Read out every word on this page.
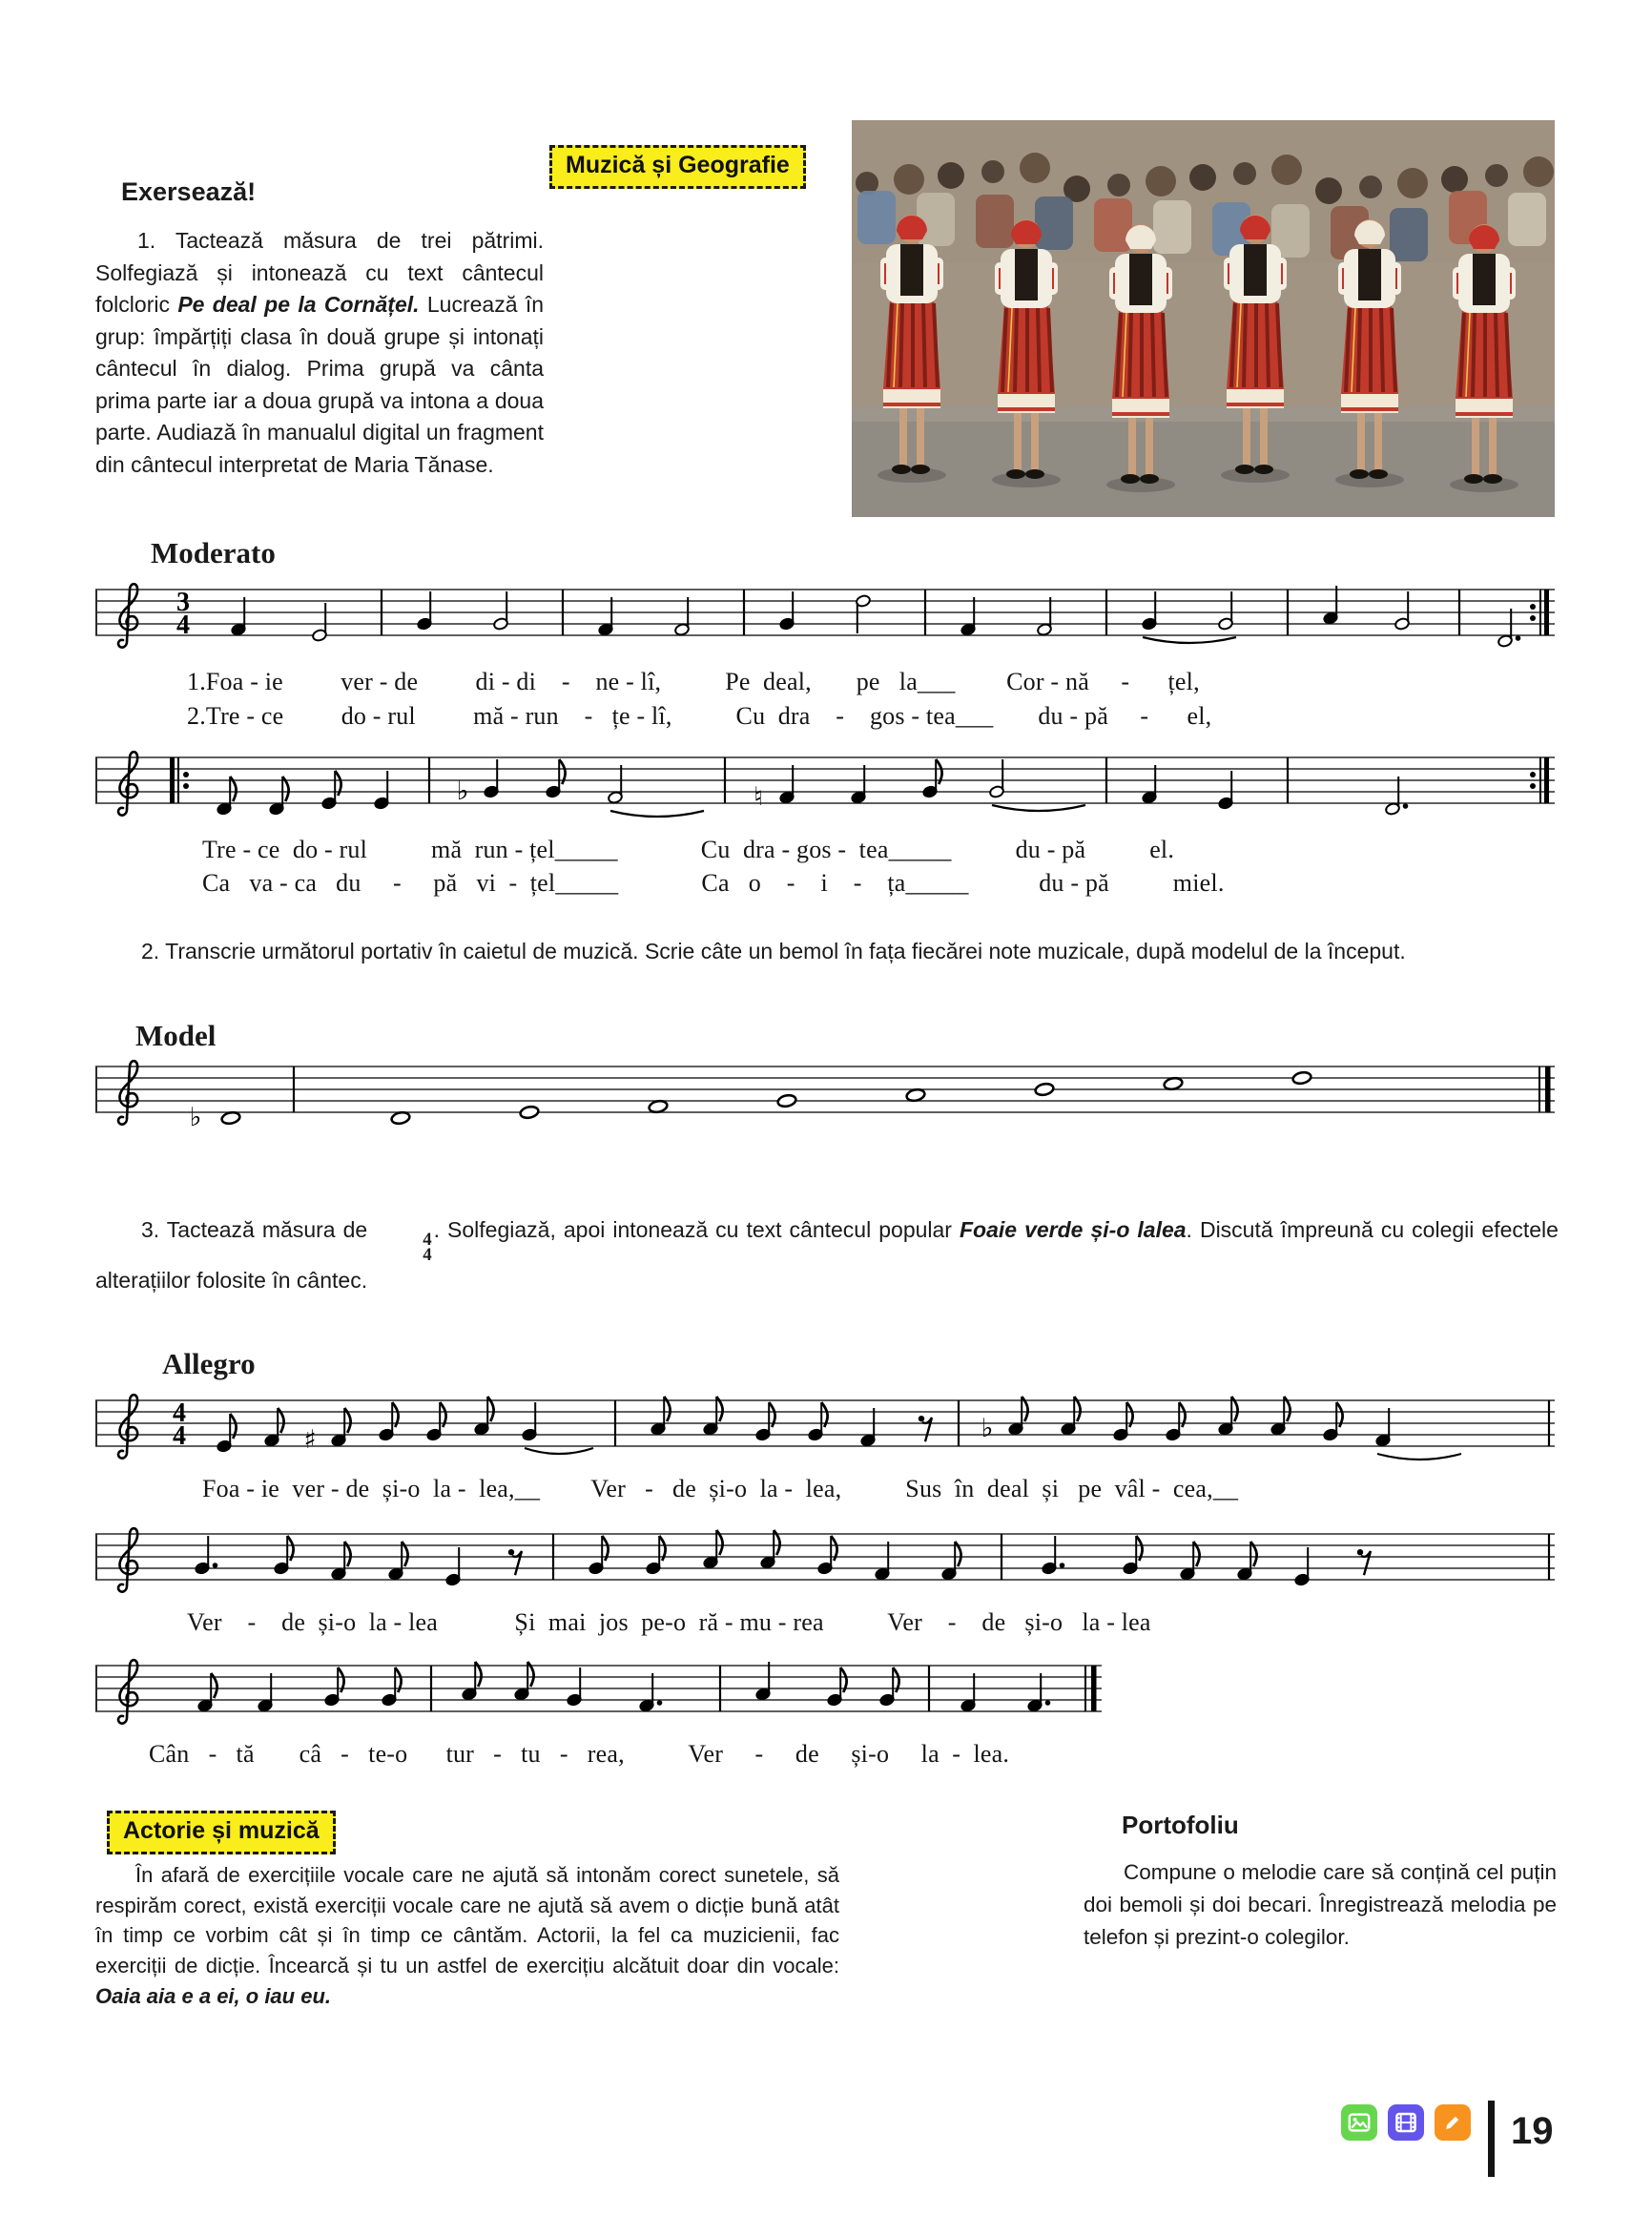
Muzică și Geografie
Exersează!

1. Tactează măsura de trei pătrimi. Solfegiază și intonează cu text cântecul folcloric Pe deal pe la Cornățel. Lucrează în grup: împărțiți clasa în două grupe și intonați cântecul în dialog. Prima grupă va cânta prima parte iar a doua grupă va intona a doua parte. Audiază în manualul digital un fragment din cântecul interpretat de Maria Tănase.

Moderato
3
4
1.Foa - ie         ver - de         di - di    -    ne - lî,          Pe  deal,       pe   la___        Cor - nă     -      țel,
2.Tre - ce         do - rul         mă - run    -   țe - lî,          Cu  dra    -    gos - tea___       du - pă     -      el,
♭	♮
Tre - ce  do - rul          mă  run - țel_____             Cu  dra - gos -  tea_____          du - pă          el.
Ca   va - ca   du     -     pă   vi  -  țel_____             Ca   o    -    i    -    ța_____           du - pă          miel.

2. Transcrie următorul portativ în caietul de muzică. Scrie câte un bemol în fața fiecărei note muzicale, după modelul de la început.

Model
♭

3. Tactează măsura de	4
4
. Solfegiază, apoi intonează cu text cântecul popular Foaie verde și-o lalea. Discută împreună cu colegii efectele alterațiilor folosite în cântec.

Allegro
4
4	♯	♭
Foa - ie  ver - de  și-o  la -  lea,__        Ver   -   de  și-o  la -  lea,          Sus  în  deal  și   pe  vâl -  cea,__
Ver    -    de  și-o  la - lea            Și  mai  jos  pe-o  ră - mu - rea          Ver    -    de   și-o   la - lea
Cân   -   tă       câ   -   te-o      tur   -   tu   -   rea,          Ver     -     de     și-o     la  -  lea.
Actorie și muzică

În afară de exercițiile vocale care ne ajută să intonăm corect sunetele, să respirăm corect, există exerciții vocale care ne ajută să avem o dicție bună atât în timp ce vorbim cât și în timp ce cântăm. Actorii, la fel ca muzicienii, fac exerciții de dicție. Încearcă și tu un astfel de exercițiu alcătuit doar din vocale: Oaia aia e a ei, o iau eu.

Portofoliu

Compune o melodie care să conțină cel puțin doi bemoli și doi becari. Înregistrează melodia pe telefon și prezint-o colegilor.

19
